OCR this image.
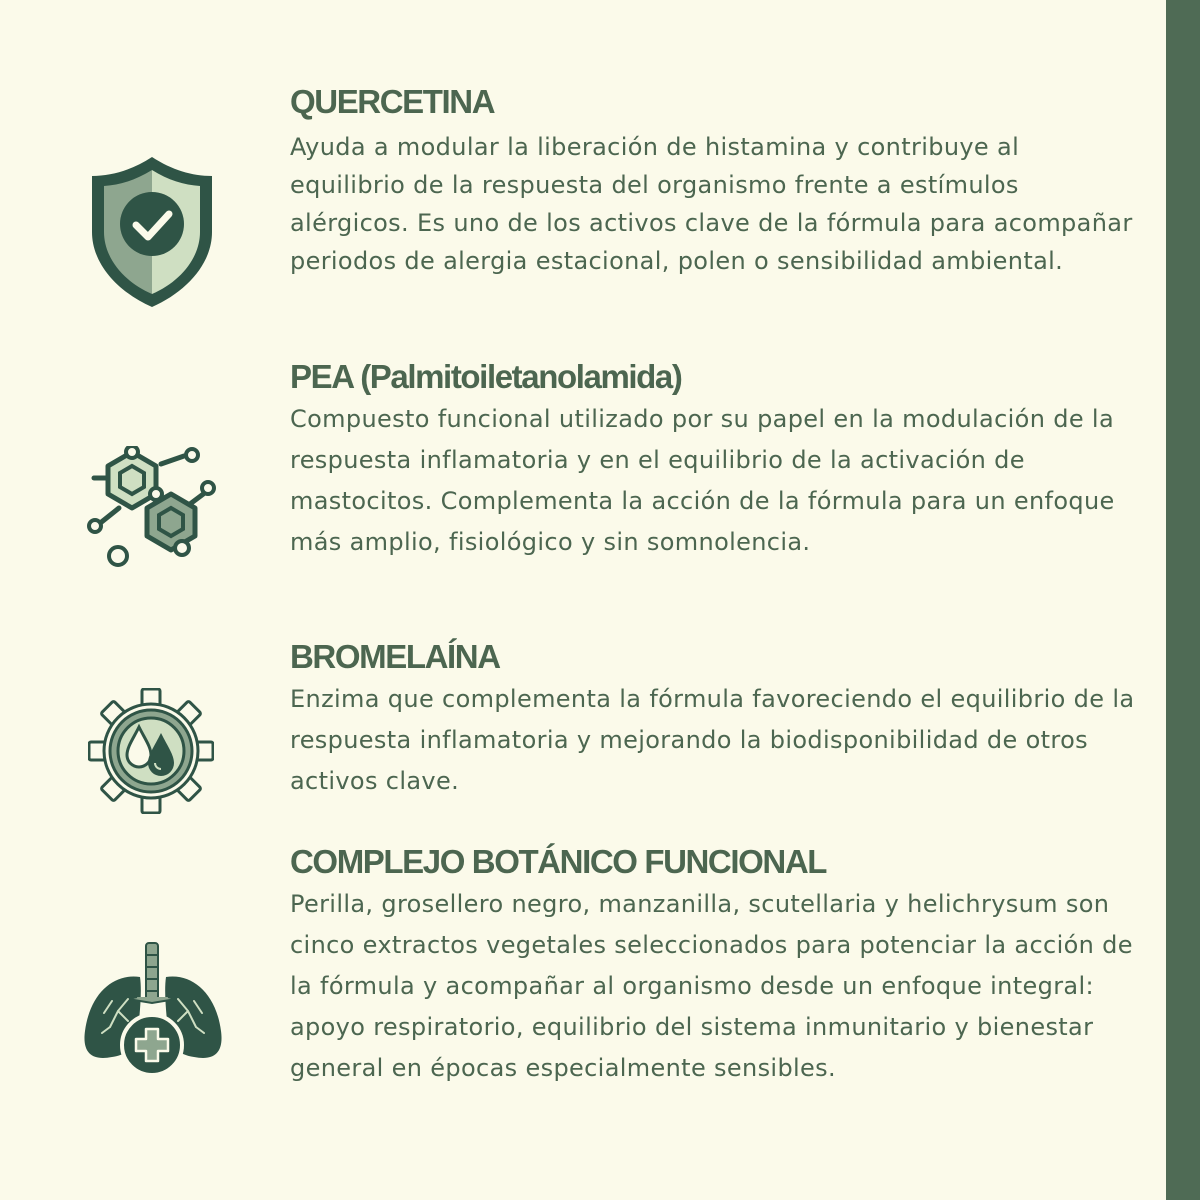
QUERCETINA

Ayuda a modular la liberación de histamina y contribuye al equilibrio de la respuesta del organismo frente a estímulos alérgicos. Es uno de los activos clave de la fórmula para acompañar periodos de alergia estacional, polen o sensibilidad ambiental.

PEA (Palmitoiletanolamida)

Compuesto funcional utilizado por su papel en la modulación de la respuesta inflamatoria y en el equilibrio de la activación de mastocitos. Complementa la acción de la fórmula para un enfoque más amplio, fisiológico y sin somnolencia.

BROMELAÍNA

Enzima que complementa la fórmula favoreciendo el equilibrio de la respuesta inflamatoria y mejorando la biodisponibilidad de otros activos clave.

COMPLEJO BOTÁNICO FUNCIONAL

Perilla, grosellero negro, manzanilla, scutellaria y helichrysum son cinco extractos vegetales seleccionados para potenciar la acción de la fórmula y acompañar al organismo desde un enfoque integral: apoyo respiratorio, equilibrio del sistema inmunitario y bienestar general en épocas especialmente sensibles.
